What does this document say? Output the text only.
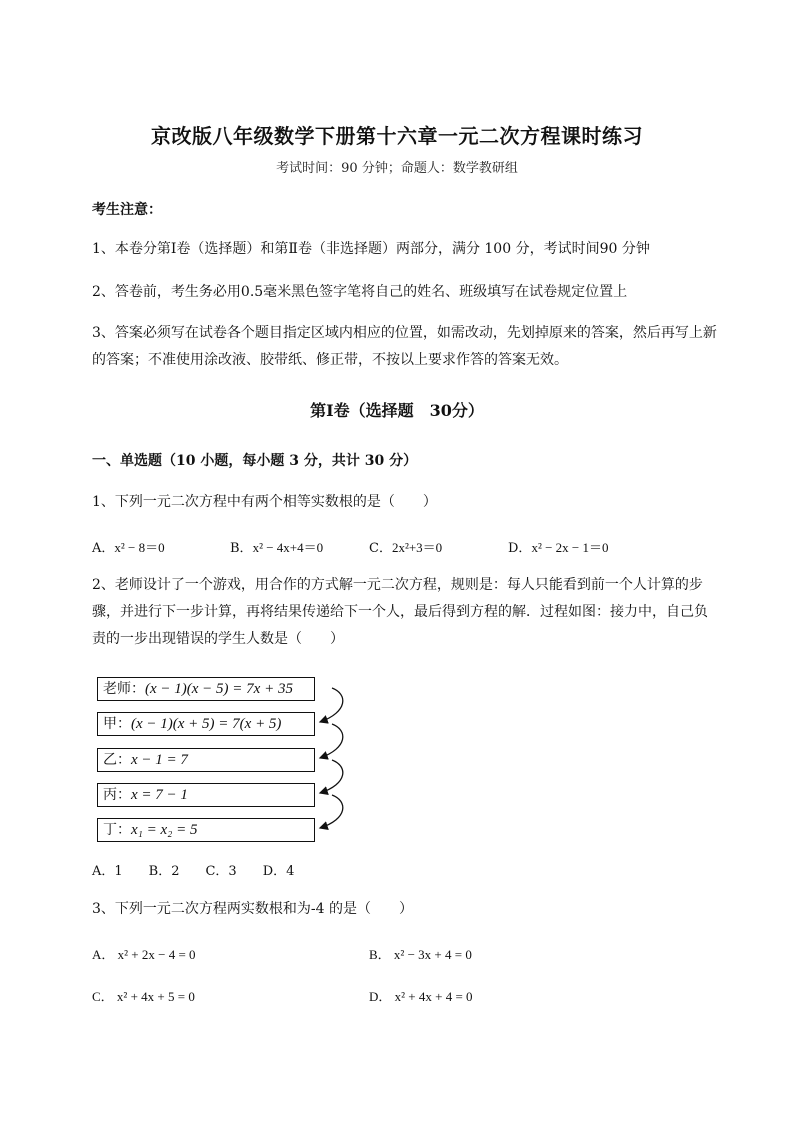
京改版八年级数学下册第十六章一元二次方程课时练习
考试时间：90 分钟；命题人：数学教研组
考生注意：
1、本卷分第Ⅰ卷（选择题）和第Ⅱ卷（非选择题）两部分，满分 100 分，考试时间90 分钟
2、答卷前，考生务必用0.5毫米黑色签字笔将自己的姓名、班级填写在试卷规定位置上
3、答案必须写在试卷各个题目指定区域内相应的位置，如需改动，先划掉原来的答案，然后再写上新
的答案；不准使用涂改液、胶带纸、修正带，不按以上要求作答的答案无效。
第Ⅰ卷（选择题　30分）
一、单选题（10 小题，每小题 3 分，共计 30 分）
1、下列一元二次方程中有两个相等实数根的是（　　）
A．x² − 8＝0	B．x² − 4x+4＝0	C．2x²+3＝0	D．x² − 2x − 1＝0
2、老师设计了一个游戏，用合作的方式解一元二次方程，规则是：每人只能看到前一个人计算的步
骤，并进行下一步计算，再将结果传递给下一个人，最后得到方程的解．过程如图：接力中，自己负
责的一步出现错误的学生人数是（　　）
老师：(x − 1)(x − 5) = 7x + 35
甲：(x − 1)(x + 5) = 7(x + 5)
乙：x − 1 = 7
丙：x = 7 − 1
丁：x₁ = x₂ = 5
A．1　　B．2　　C．3　　D．4
3、下列一元二次方程两实数根和为-4 的是（　　）
A． x² + 2x − 4 = 0	B． x² − 3x + 4 = 0
C． x² + 4x + 5 = 0	D． x² + 4x + 4 = 0
